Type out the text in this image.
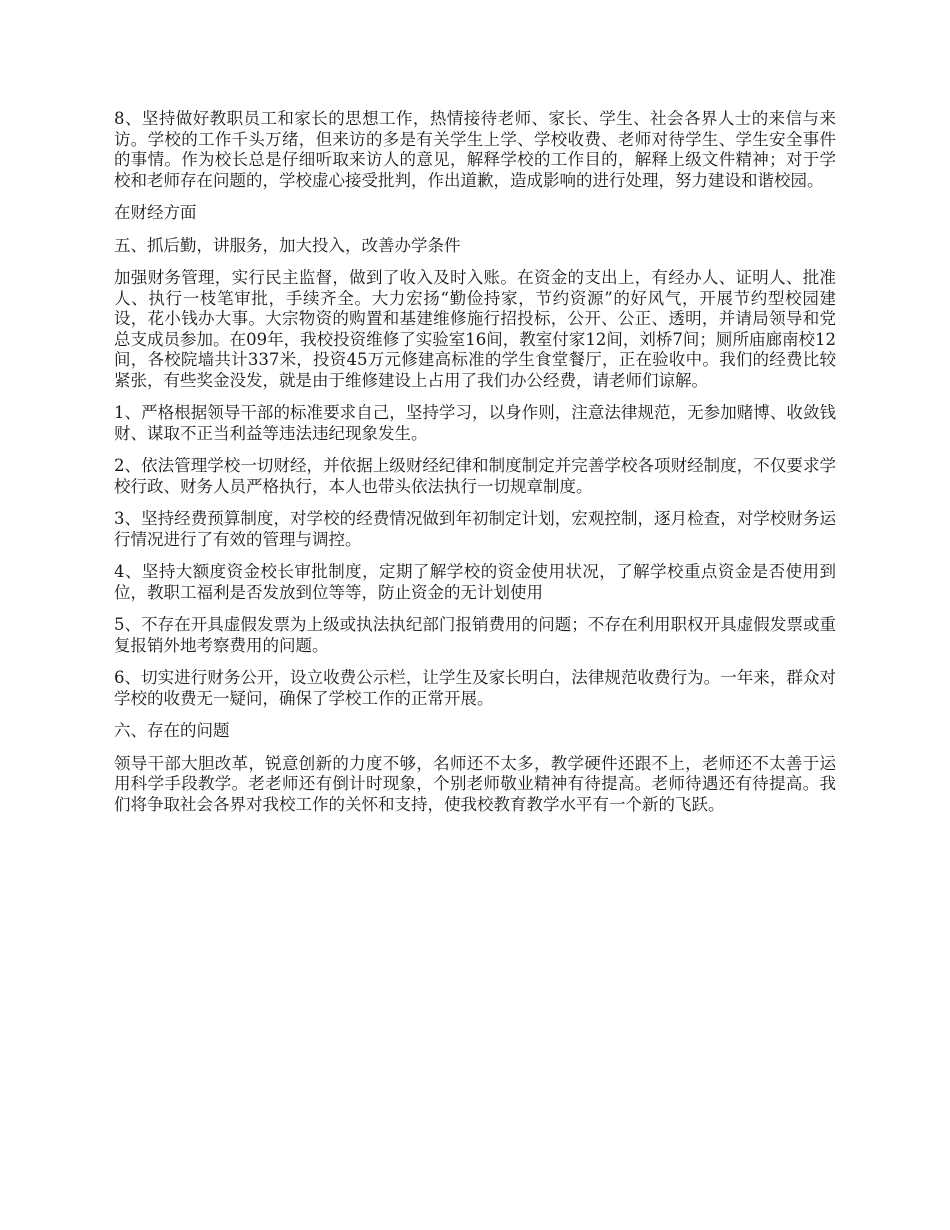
8、坚持做好教职员工和家长的思想工作，热情接待老师、家长、学生、社会各界人士的来信与来访。学校的工作千头万绪，但来访的多是有关学生上学、学校收费、老师对待学生、学生安全事件的事情。作为校长总是仔细听取来访人的意见，解释学校的工作目的，解释上级文件精神；对于学校和老师存在问题的，学校虚心接受批判，作出道歉，造成影响的进行处理，努力建设和谐校园。

在财经方面

五、抓后勤，讲服务，加大投入，改善办学条件

加强财务管理，实行民主监督，做到了收入及时入账。在资金的支出上，有经办人、证明人、批准人、执行一枝笔审批，手续齐全。大力宏扬“勤俭持家，节约资源”的好风气，开展节约型校园建设，花小钱办大事。大宗物资的购置和基建维修施行招投标，公开、公正、透明，并请局领导和党总支成员参加。在09年，我校投资维修了实验室16间，教室付家12间，刘桥7间；厕所庙廊南校12间，各校院墙共计337米，投资45万元修建高标准的学生食堂餐厅，正在验收中。我们的经费比较紧张，有些奖金没发，就是由于维修建设上占用了我们办公经费，请老师们谅解。

1、严格根据领导干部的标准要求自己，坚持学习，以身作则，注意法律规范，无参加赌博、收敛钱财、谋取不正当利益等违法违纪现象发生。

2、依法管理学校一切财经，并依据上级财经纪律和制度制定并完善学校各项财经制度，不仅要求学校行政、财务人员严格执行，本人也带头依法执行一切规章制度。

3、坚持经费预算制度，对学校的经费情况做到年初制定计划，宏观控制，逐月检查，对学校财务运行情况进行了有效的管理与调控。

4、坚持大额度资金校长审批制度，定期了解学校的资金使用状况，了解学校重点资金是否使用到位，教职工福利是否发放到位等等，防止资金的无计划使用

5、不存在开具虚假发票为上级或执法执纪部门报销费用的问题；不存在利用职权开具虚假发票或重复报销外地考察费用的问题。

6、切实进行财务公开，设立收费公示栏，让学生及家长明白，法律规范收费行为。一年来，群众对学校的收费无一疑问，确保了学校工作的正常开展。

六、存在的问题

领导干部大胆改革，锐意创新的力度不够，名师还不太多，教学硬件还跟不上，老师还不太善于运用科学手段教学。老老师还有倒计时现象，个别老师敬业精神有待提高。老师待遇还有待提高。我们将争取社会各界对我校工作的关怀和支持，使我校教育教学水平有一个新的飞跃。
